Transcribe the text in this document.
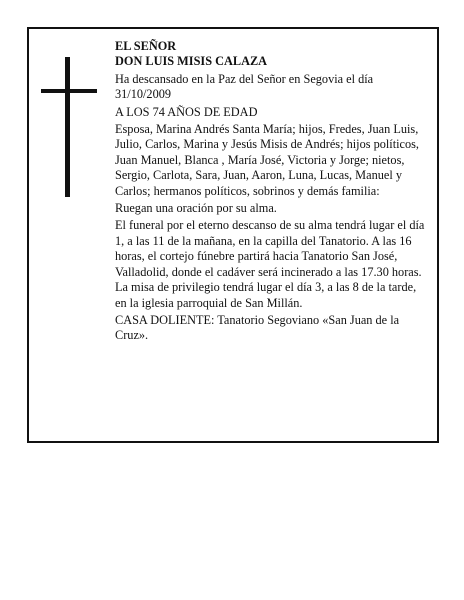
EL SEÑOR

DON LUIS MISIS CALAZA

Ha descansado en la Paz del Señor en Segovia el día 31/10/2009

A LOS 74 AÑOS DE EDAD

Esposa, Marina Andrés Santa María; hijos, Fredes, Juan Luis, Julio, Carlos, Marina y Jesús Misis de Andrés; hijos políticos, Juan Manuel, Blanca , María José, Victoria y Jorge; nietos, Sergio, Carlota, Sara, Juan, Aaron, Luna, Lucas, Manuel y Carlos; hermanos políticos, sobrinos y demás familia:

Ruegan una oración por su alma.

El funeral por el eterno descanso de su alma tendrá lugar el día 1, a las 11 de la mañana, en la capilla del Tanatorio. A las 16 horas, el cortejo fúnebre partirá hacia Tanatorio San José, Valladolid, donde el cadáver será incinerado a las 17.30 horas. La misa de privilegio tendrá lugar el día 3, a las 8 de la tarde, en la iglesia parroquial de San Millán.

CASA DOLIENTE: Tanatorio Segoviano «San Juan de la Cruz».
